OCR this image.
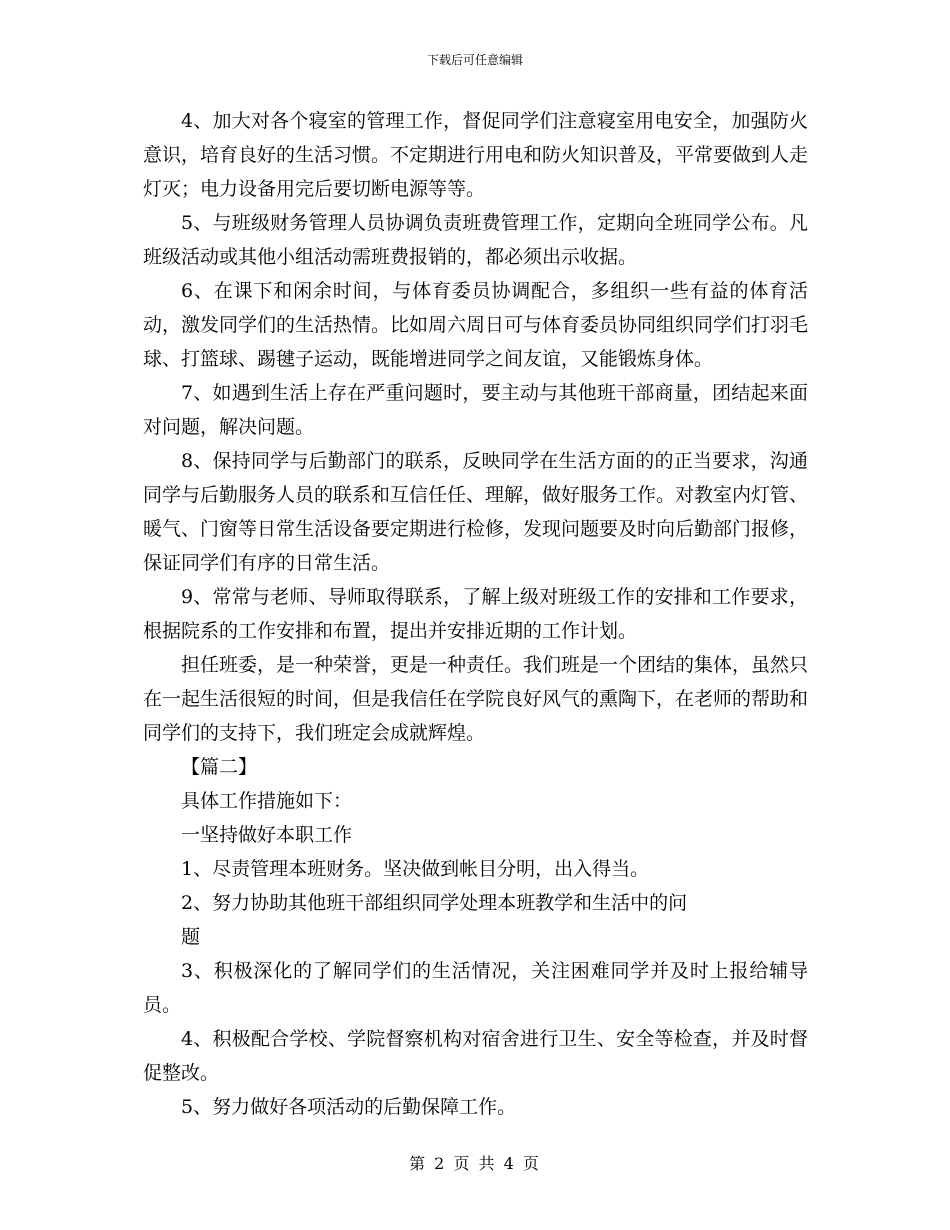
下载后可任意编辑

4、加大对各个寝室的管理工作，督促同学们注意寝室用电安全，加强防火意识，培育良好的生活习惯。不定期进行用电和防火知识普及，平常要做到人走灯灭；电力设备用完后要切断电源等等。

5、与班级财务管理人员协调负责班费管理工作，定期向全班同学公布。凡班级活动或其他小组活动需班费报销的，都必须出示收据。

6、在课下和闲余时间，与体育委员协调配合，多组织一些有益的体育活动，激发同学们的生活热情。比如周六周日可与体育委员协同组织同学们打羽毛球、打篮球、踢毽子运动，既能增进同学之间友谊，又能锻炼身体。

7、如遇到生活上存在严重问题时，要主动与其他班干部商量，团结起来面对问题，解决问题。

8、保持同学与后勤部门的联系，反映同学在生活方面的的正当要求，沟通同学与后勤服务人员的联系和互信任任、理解，做好服务工作。对教室内灯管、暖气、门窗等日常生活设备要定期进行检修，发现问题要及时向后勤部门报修，保证同学们有序的日常生活。

9、常常与老师、导师取得联系，了解上级对班级工作的安排和工作要求，根据院系的工作安排和布置，提出并安排近期的工作计划。

担任班委，是一种荣誉，更是一种责任。我们班是一个团结的集体，虽然只在一起生活很短的时间，但是我信任在学院良好风气的熏陶下，在老师的帮助和同学们的支持下，我们班定会成就辉煌。

【篇二】

具体工作措施如下：

一坚持做好本职工作

1、尽责管理本班财务。坚决做到帐目分明，出入得当。

2、努力协助其他班干部组织同学处理本班教学和生活中的问

题

3、积极深化的了解同学们的生活情况，关注困难同学并及时上报给辅导员。

4、积极配合学校、学院督察机构对宿舍进行卫生、安全等检查，并及时督促整改。

5、努力做好各项活动的后勤保障工作。

第 2 页 共 4 页
